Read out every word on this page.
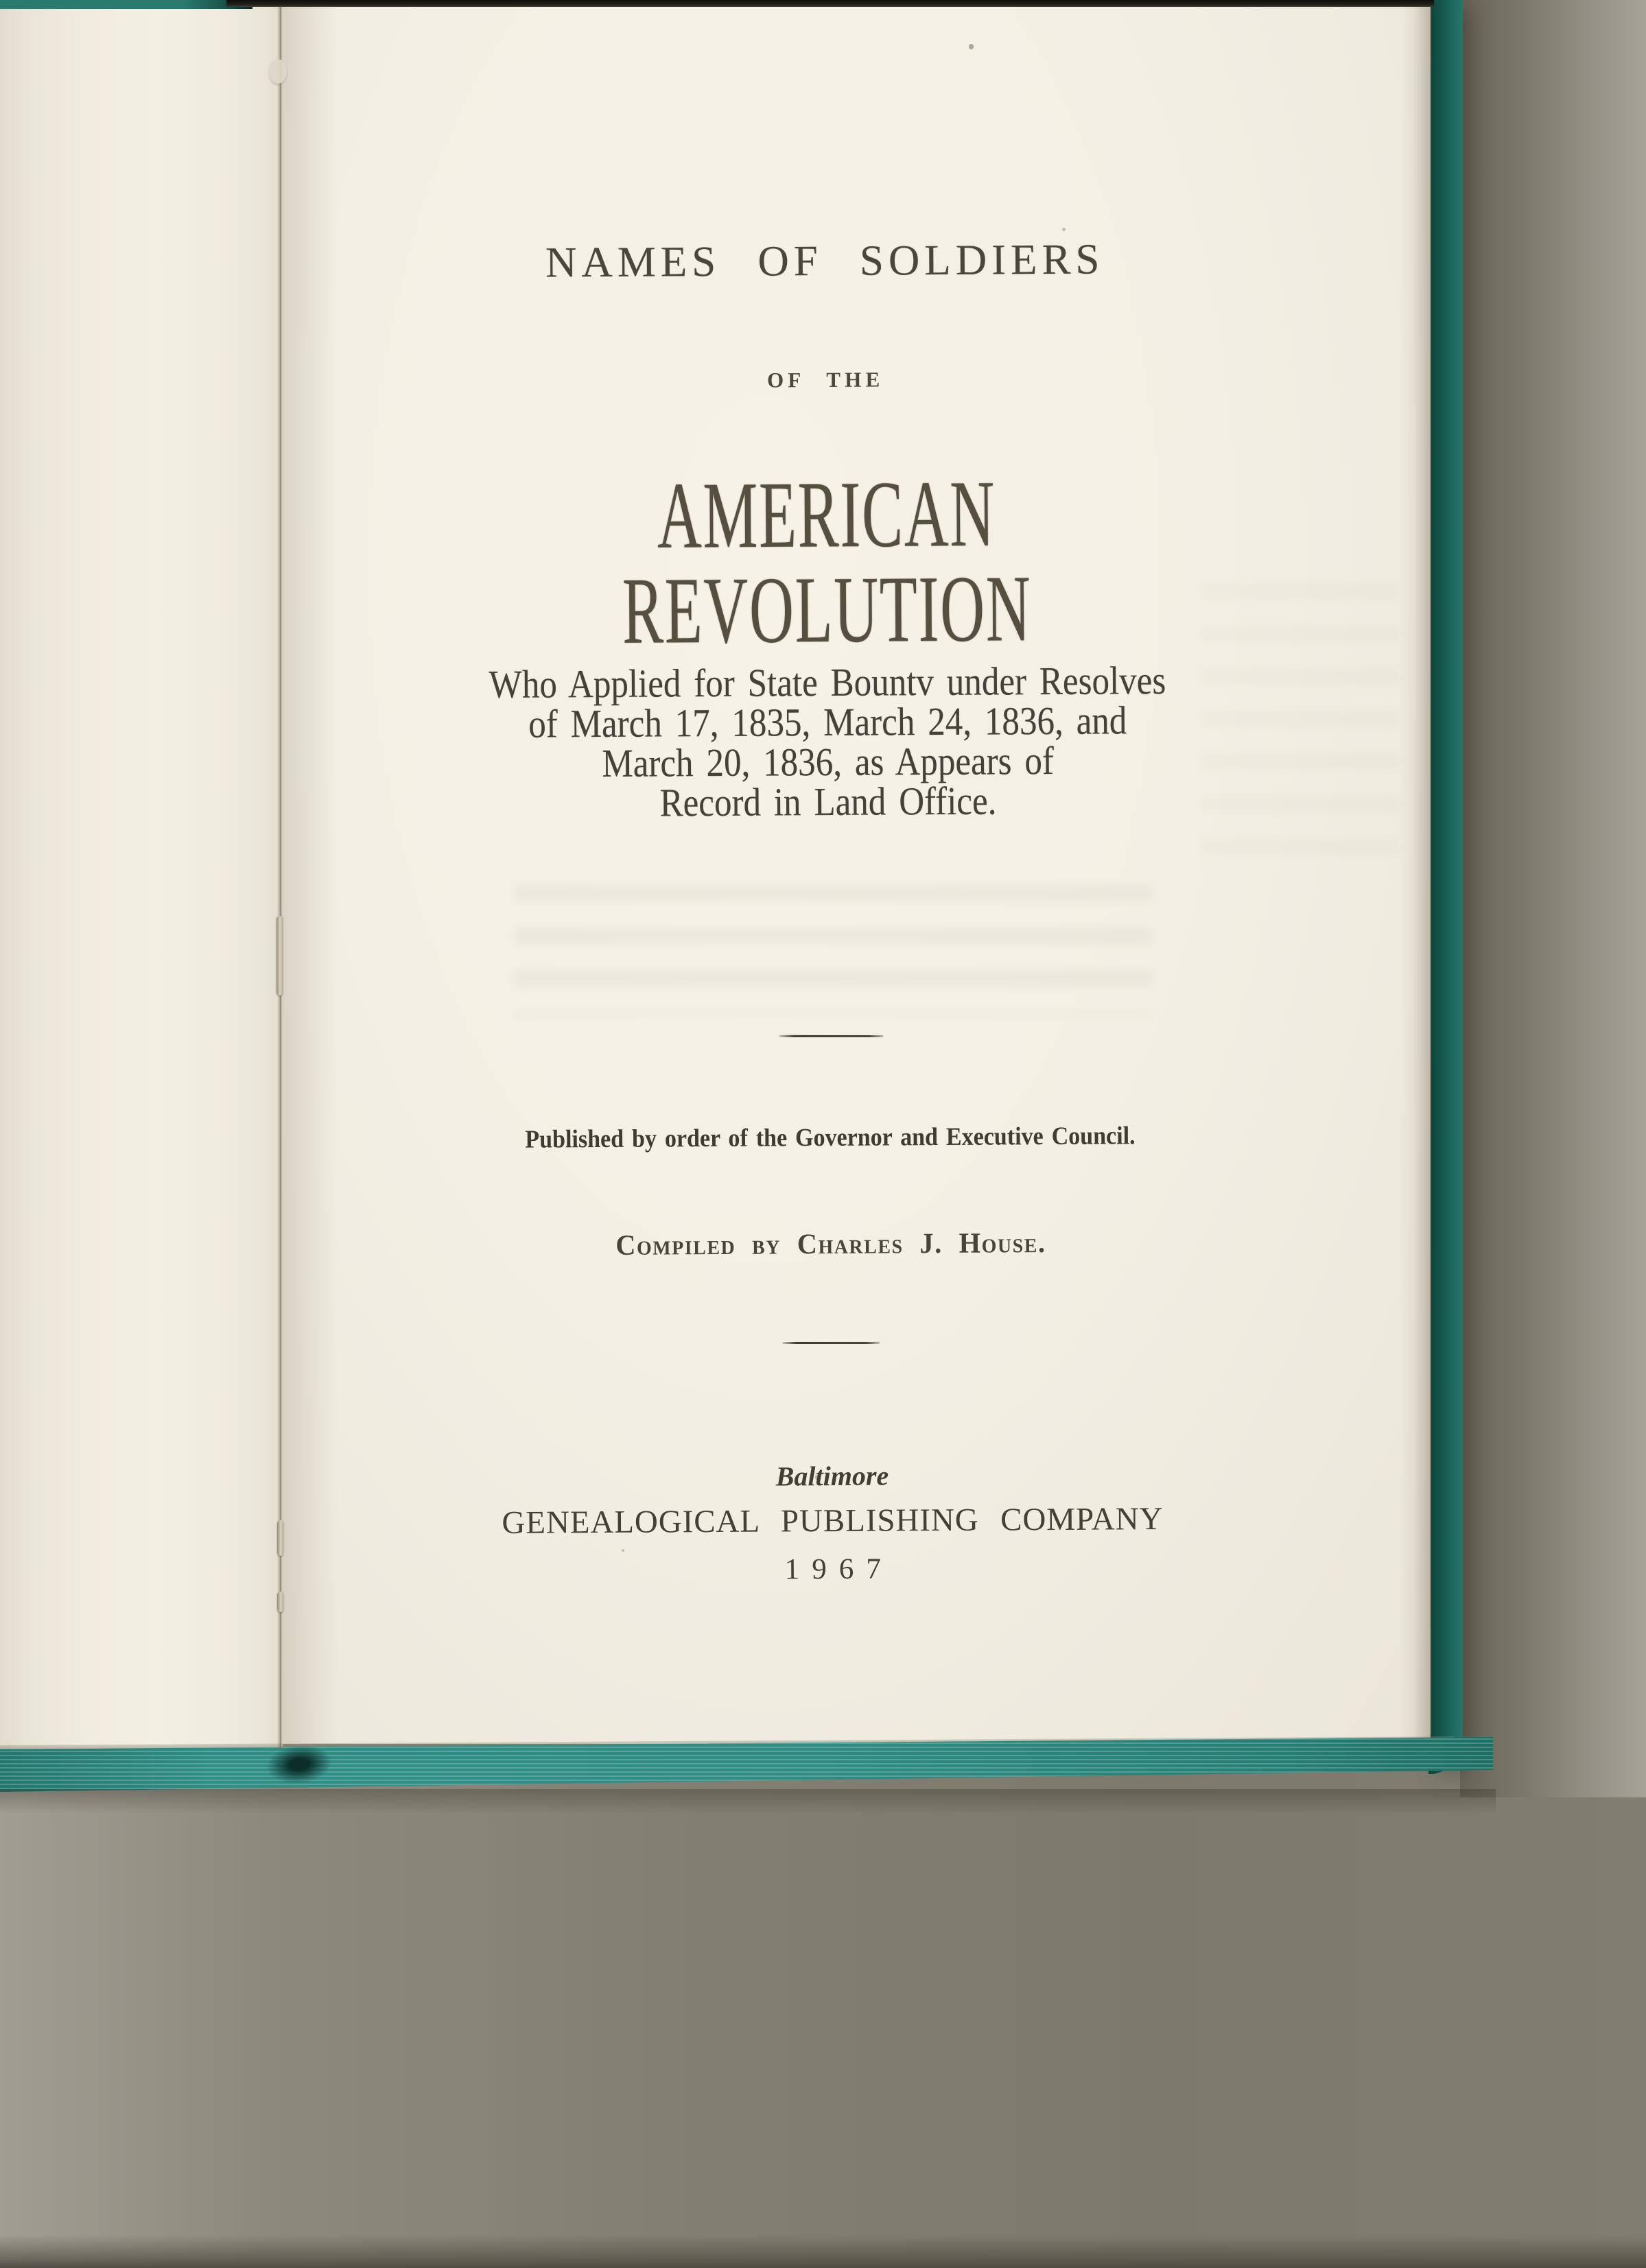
NAMES OF SOLDIERS
OF THE
AMERICAN REVOLUTION
Who Applied for State Bountv under Resolves
of March 17, 1835, March 24, 1836, and
March 20, 1836, as Appears of
Record in Land Office.
Published by order of the Governor and Executive Council.
Compiled by Charles J. House.
Baltimore
GENEALOGICAL PUBLISHING COMPANY
1967
